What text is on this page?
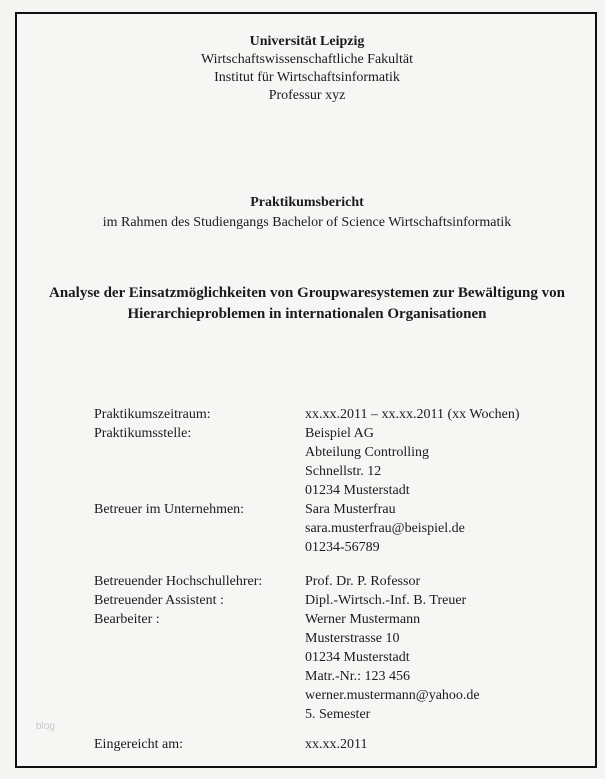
Universität Leipzig
Wirtschaftswissenschaftliche Fakultät
Institut für Wirtschaftsinformatik
Professur xyz
Praktikumsbericht
im Rahmen des Studiengangs Bachelor of Science Wirtschaftsinformatik
Analyse der Einsatzmöglichkeiten von Groupwaresystemen zur Bewältigung von
Hierarchieproblemen in internationalen Organisationen
Praktikumszeitraum:	xx.xx.2011 – xx.xx.2011 (xx Wochen)
Praktikumsstelle:	Beispiel AG
Abteilung Controlling
Schnellstr. 12
01234 Musterstadt
Betreuer im Unternehmen:	Sara Musterfrau
sara.musterfrau@beispiel.de
01234-56789
Betreuender Hochschullehrer:	Prof. Dr. P. Rofessor
Betreuender Assistent :	Dipl.-Wirtsch.-Inf. B. Treuer
Bearbeiter :	Werner Mustermann
Musterstrasse 10
01234 Musterstadt
Matr.-Nr.: 123 456
werner.mustermann@yahoo.de
5. Semester
Eingereicht am:	xx.xx.2011
blog
